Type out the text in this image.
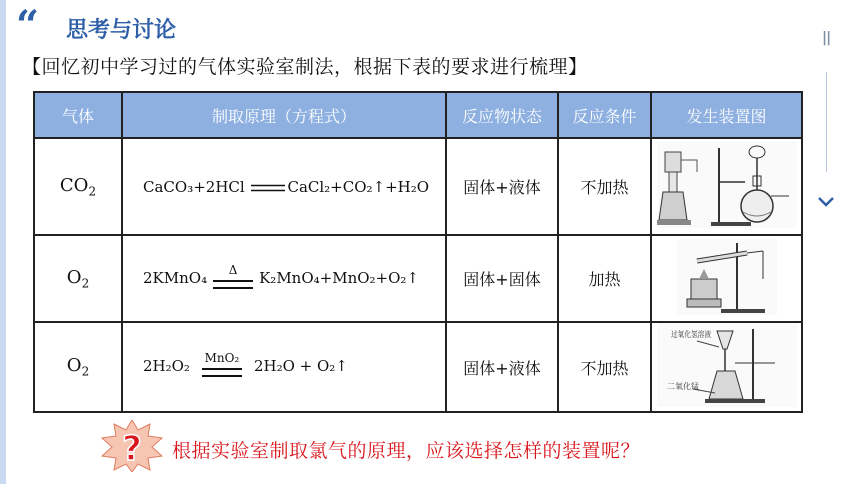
“ 思考与讨论
【回忆初中学习过的气体实验室制法，根据下表的要求进行梳理】
||
气体	制取原理（方程式）	反应物状态	反应条件	发生装置图
$CO_2$	CaCO₃+2HCl CaCl₂+CO₂↑+H₂O	固体+液体	不加热	
$O_2$	2KMnO₄ Δ K₂MnO₄+MnO₂+O₂↑	固体+固体	加热	
$O_2$	2H₂O₂ MnO₂ 2H₂O + O₂↑	固体+液体	不加热	过氧化氢溶液
二氧化锰
? 根据实验室制取氯气的原理，应该选择怎样的装置呢？
